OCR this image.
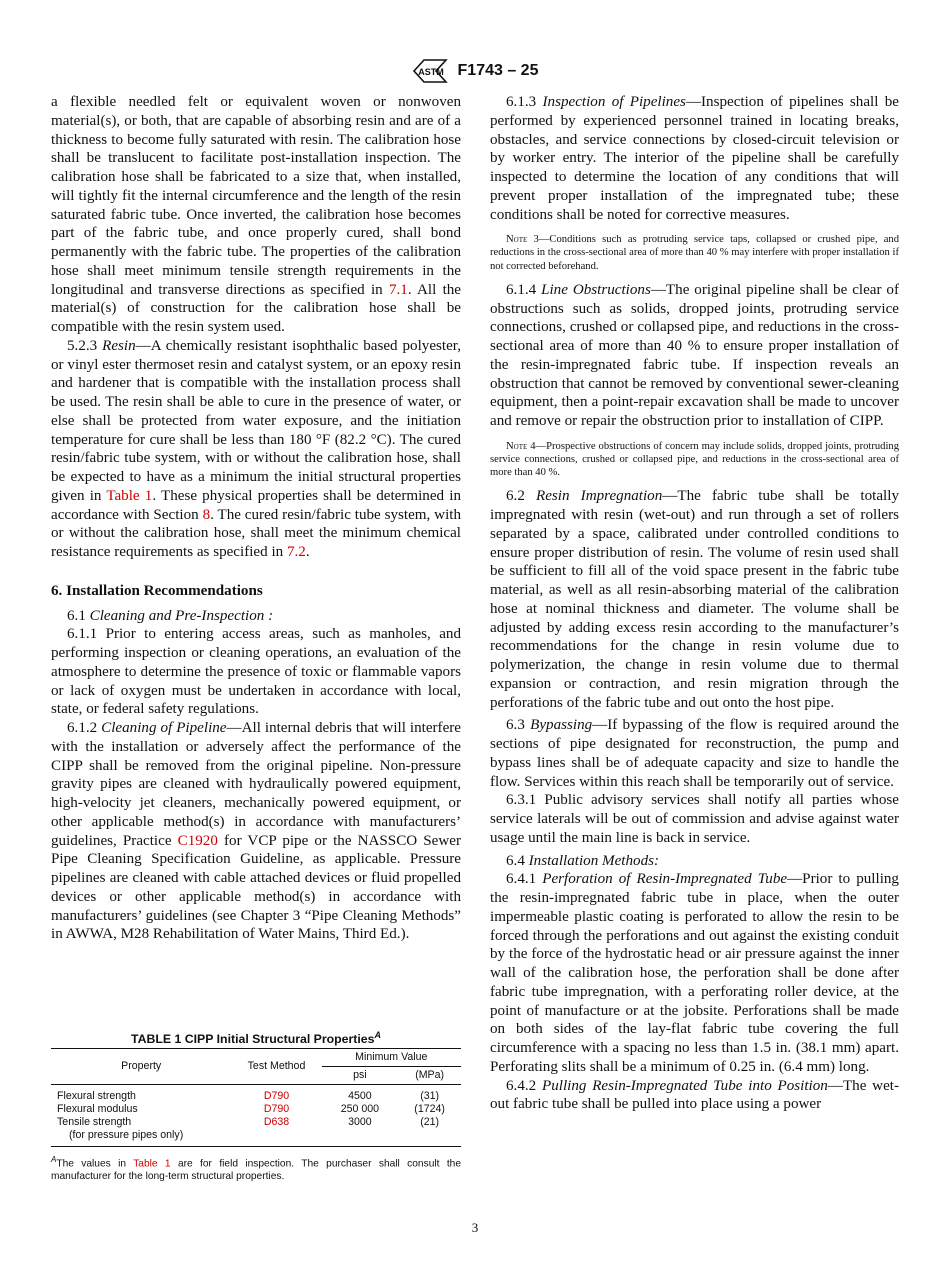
ASTM F1743 – 25

a flexible needled felt or equivalent woven or nonwoven material(s), or both, that are capable of absorbing resin and are of a thickness to become fully saturated with resin. The calibration hose shall be translucent to facilitate post-installation inspection. The calibration hose shall be fabricated to a size that, when installed, will tightly fit the internal circumference and the length of the resin saturated fabric tube. Once inverted, the calibration hose becomes part of the fabric tube, and once properly cured, shall bond permanently with the fabric tube. The properties of the calibration hose shall meet minimum tensile strength requirements in the longitudinal and transverse directions as specified in 7.1. All the material(s) of construction for the calibration hose shall be compatible with the resin system used.

5.2.3 Resin—A chemically resistant isophthalic based polyester, or vinyl ester thermoset resin and catalyst system, or an epoxy resin and hardener that is compatible with the installation process shall be used. The resin shall be able to cure in the presence of water, or else shall be protected from water exposure, and the initiation temperature for cure shall be less than 180 °F (82.2 °C). The cured resin/fabric tube system, with or without the calibration hose, shall be expected to have as a minimum the initial structural properties given in Table 1. These physical properties shall be determined in accordance with Section 8. The cured resin/fabric tube system, with or without the calibration hose, shall meet the minimum chemical resistance requirements as specified in 7.2.

6. Installation Recommendations

6.1 Cleaning and Pre-Inspection :

6.1.1 Prior to entering access areas, such as manholes, and performing inspection or cleaning operations, an evaluation of the atmosphere to determine the presence of toxic or flammable vapors or lack of oxygen must be undertaken in accordance with local, state, or federal safety regulations.

6.1.2 Cleaning of Pipeline—All internal debris that will interfere with the installation or adversely affect the performance of the CIPP shall be removed from the original pipeline. Non-pressure gravity pipes are cleaned with hydraulically powered equipment, high-velocity jet cleaners, mechanically powered equipment, or other applicable method(s) in accordance with manufacturers’ guidelines, Practice C1920 for VCP pipe or the NASSCO Sewer Pipe Cleaning Specification Guideline, as applicable. Pressure pipelines are cleaned with cable attached devices or fluid propelled devices or other applicable method(s) in accordance with manufacturers’ guidelines (see Chapter 3 “Pipe Cleaning Methods” in AWWA, M28 Rehabilitation of Water Mains, Third Ed.).

TABLE 1 CIPP Initial Structural Properties$^A$
Property	Test Method	Minimum Value	
		psi	(MPa)

Flexural strength	D790	4500	(31)
Flexural modulus	D790	250 000	(1724)
Tensile strength	D638	3000	(21)
(for pressure pipes only)			
$^A$The values in Table 1 are for field inspection. The purchaser shall consult the manufacturer for the long-term structural properties.

6.1.3 Inspection of Pipelines—Inspection of pipelines shall be performed by experienced personnel trained in locating breaks, obstacles, and service connections by closed-circuit television or by worker entry. The interior of the pipeline shall be carefully inspected to determine the location of any conditions that will prevent proper installation of the impregnated tube; these conditions shall be noted for corrective measures.

Note 3—Conditions such as protruding service taps, collapsed or crushed pipe, and reductions in the cross-sectional area of more than 40 % may interfere with proper installation if not corrected beforehand.

6.1.4 Line Obstructions—The original pipeline shall be clear of obstructions such as solids, dropped joints, protruding service connections, crushed or collapsed pipe, and reductions in the cross-sectional area of more than 40 % to ensure proper installation of the resin-impregnated fabric tube. If inspection reveals an obstruction that cannot be removed by conventional sewer-cleaning equipment, then a point-repair excavation shall be made to uncover and remove or repair the obstruction prior to installation of CIPP.

Note 4—Prospective obstructions of concern may include solids, dropped joints, protruding service connections, crushed or collapsed pipe, and reductions in the cross-sectional area of more than 40 %.

6.2 Resin Impregnation—The fabric tube shall be totally impregnated with resin (wet-out) and run through a set of rollers separated by a space, calibrated under controlled conditions to ensure proper distribution of resin. The volume of resin used shall be sufficient to fill all of the void space present in the fabric tube material, as well as all resin-absorbing material of the calibration hose at nominal thickness and diameter. The volume shall be adjusted by adding excess resin according to the manufacturer’s recommendations for the change in resin volume due to polymerization, the change in resin volume due to thermal expansion or contraction, and resin migration through the perforations of the fabric tube and out onto the host pipe.

6.3 Bypassing—If bypassing of the flow is required around the sections of pipe designated for reconstruction, the pump and bypass lines shall be of adequate capacity and size to handle the flow. Services within this reach shall be temporarily out of service.

6.3.1 Public advisory services shall notify all parties whose service laterals will be out of commission and advise against water usage until the main line is back in service.

6.4 Installation Methods:

6.4.1 Perforation of Resin-Impregnated Tube—Prior to pulling the resin-impregnated fabric tube in place, when the outer impermeable plastic coating is perforated to allow the resin to be forced through the perforations and out against the existing conduit by the force of the hydrostatic head or air pressure against the inner wall of the calibration hose, the perforation shall be done after fabric tube impregnation, with a perforating roller device, at the point of manufacture or at the jobsite. Perforations shall be made on both sides of the lay-flat fabric tube covering the full circumference with a spacing no less than 1.5 in. (38.1 mm) apart. Perforating slits shall be a minimum of 0.25 in. (6.4 mm) long.

6.4.2 Pulling Resin-Impregnated Tube into Position—The wet-out fabric tube shall be pulled into place using a power

3
